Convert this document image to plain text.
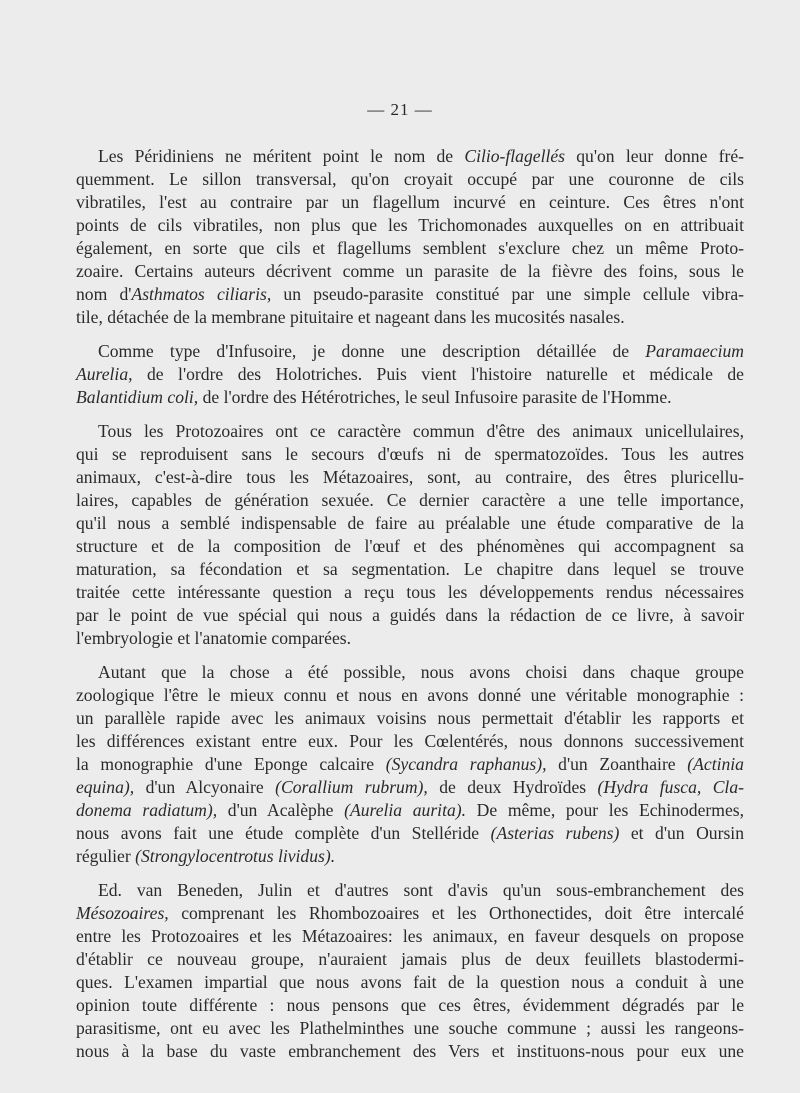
— 21 —
Les Péridiniens ne méritent point le nom de Cilio-flagellés qu'on leur donne fré-
quemment. Le sillon transversal, qu'on croyait occupé par une couronne de cils
vibratiles, l'est au contraire par un flagellum incurvé en ceinture. Ces êtres n'ont
points de cils vibratiles, non plus que les Trichomonades auxquelles on en attribuait
également, en sorte que cils et flagellums semblent s'exclure chez un même Proto-
zoaire. Certains auteurs décrivent comme un parasite de la fièvre des foins, sous le
nom d'Asthmatos ciliaris, un pseudo-parasite constitué par une simple cellule vibra-
tile, détachée de la membrane pituitaire et nageant dans les mucosités nasales.
Comme type d'Infusoire, je donne une description détaillée de Paramaecium
Aurelia, de l'ordre des Holotriches. Puis vient l'histoire naturelle et médicale de
Balantidium coli, de l'ordre des Hétérotriches, le seul Infusoire parasite de l'Homme.
Tous les Protozoaires ont ce caractère commun d'être des animaux unicellulaires,
qui se reproduisent sans le secours d'œufs ni de spermatozoïdes. Tous les autres
animaux, c'est-à-dire tous les Métazoaires, sont, au contraire, des êtres pluricellu-
laires, capables de génération sexuée. Ce dernier caractère a une telle importance,
qu'il nous a semblé indispensable de faire au préalable une étude comparative de la
structure et de la composition de l'œuf et des phénomènes qui accompagnent sa
maturation, sa fécondation et sa segmentation. Le chapitre dans lequel se trouve
traitée cette intéressante question a reçu tous les développements rendus nécessaires
par le point de vue spécial qui nous a guidés dans la rédaction de ce livre, à savoir
l'embryologie et l'anatomie comparées.
Autant que la chose a été possible, nous avons choisi dans chaque groupe
zoologique l'être le mieux connu et nous en avons donné une véritable monographie :
un parallèle rapide avec les animaux voisins nous permettait d'établir les rapports et
les différences existant entre eux. Pour les Cœlentérés, nous donnons successivement
la monographie d'une Eponge calcaire (Sycandra raphanus), d'un Zoanthaire (Actinia
equina), d'un Alcyonaire (Corallium rubrum), de deux Hydroïdes (Hydra fusca, Cla-
donema radiatum), d'un Acalèphe (Aurelia aurita). De même, pour les Echinodermes,
nous avons fait une étude complète d'un Stelléride (Asterias rubens) et d'un Oursin
régulier (Strongylocentrotus lividus).
Ed. van Beneden, Julin et d'autres sont d'avis qu'un sous-embranchement des
Mésozoaires, comprenant les Rhombozoaires et les Orthonectides, doit être intercalé
entre les Protozoaires et les Métazoaires: les animaux, en faveur desquels on propose
d'établir ce nouveau groupe, n'auraient jamais plus de deux feuillets blastodermi-
ques. L'examen impartial que nous avons fait de la question nous a conduit à une
opinion toute différente : nous pensons que ces êtres, évidemment dégradés par le
parasitisme, ont eu avec les Plathelminthes une souche commune ; aussi les rangeons-
nous à la base du vaste embranchement des Vers et instituons-nous pour eux une
